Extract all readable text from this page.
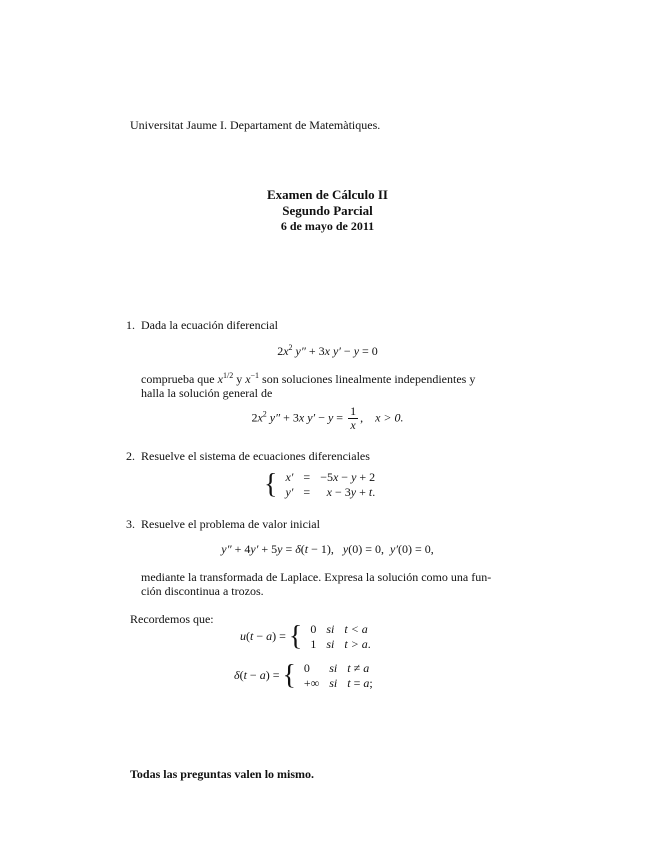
Universitat Jaume I. Departament de Matemàtiques.
Examen de Cálculo II
Segundo Parcial
6 de mayo de 2011
1. Dada la ecuación diferencial
$2x^2$ y″ + 3x y′ − y = 0
comprueba que $x^{1/2}$ y $x^{-1}$ son soluciones linealmente independientes y
halla la solución general de
$2x^2$ y″ + 3x $y' - y = \frac{1}{x}$ , x > 0.
2. Resuelve el sistema de ecuaciones diferenciales
{ x′	=	−5x − y + 2
y′	=	x − 3y + t.
3. Resuelve el problema de valor inicial
y″ + 4y′ + 5y = δ(t − 1),   y(0) = 0,  y′(0) = 0,
mediante la transformada de Laplace. Expresa la solución como una fun-
ción discontinua a trozos.
Recordemos que:
u(t − a) = { 0	si	t < a
1	si	t > a.
δ(t − a) = { 0	si	t ≠ a
+∞	si	t = a;
Todas las preguntas valen lo mismo.
